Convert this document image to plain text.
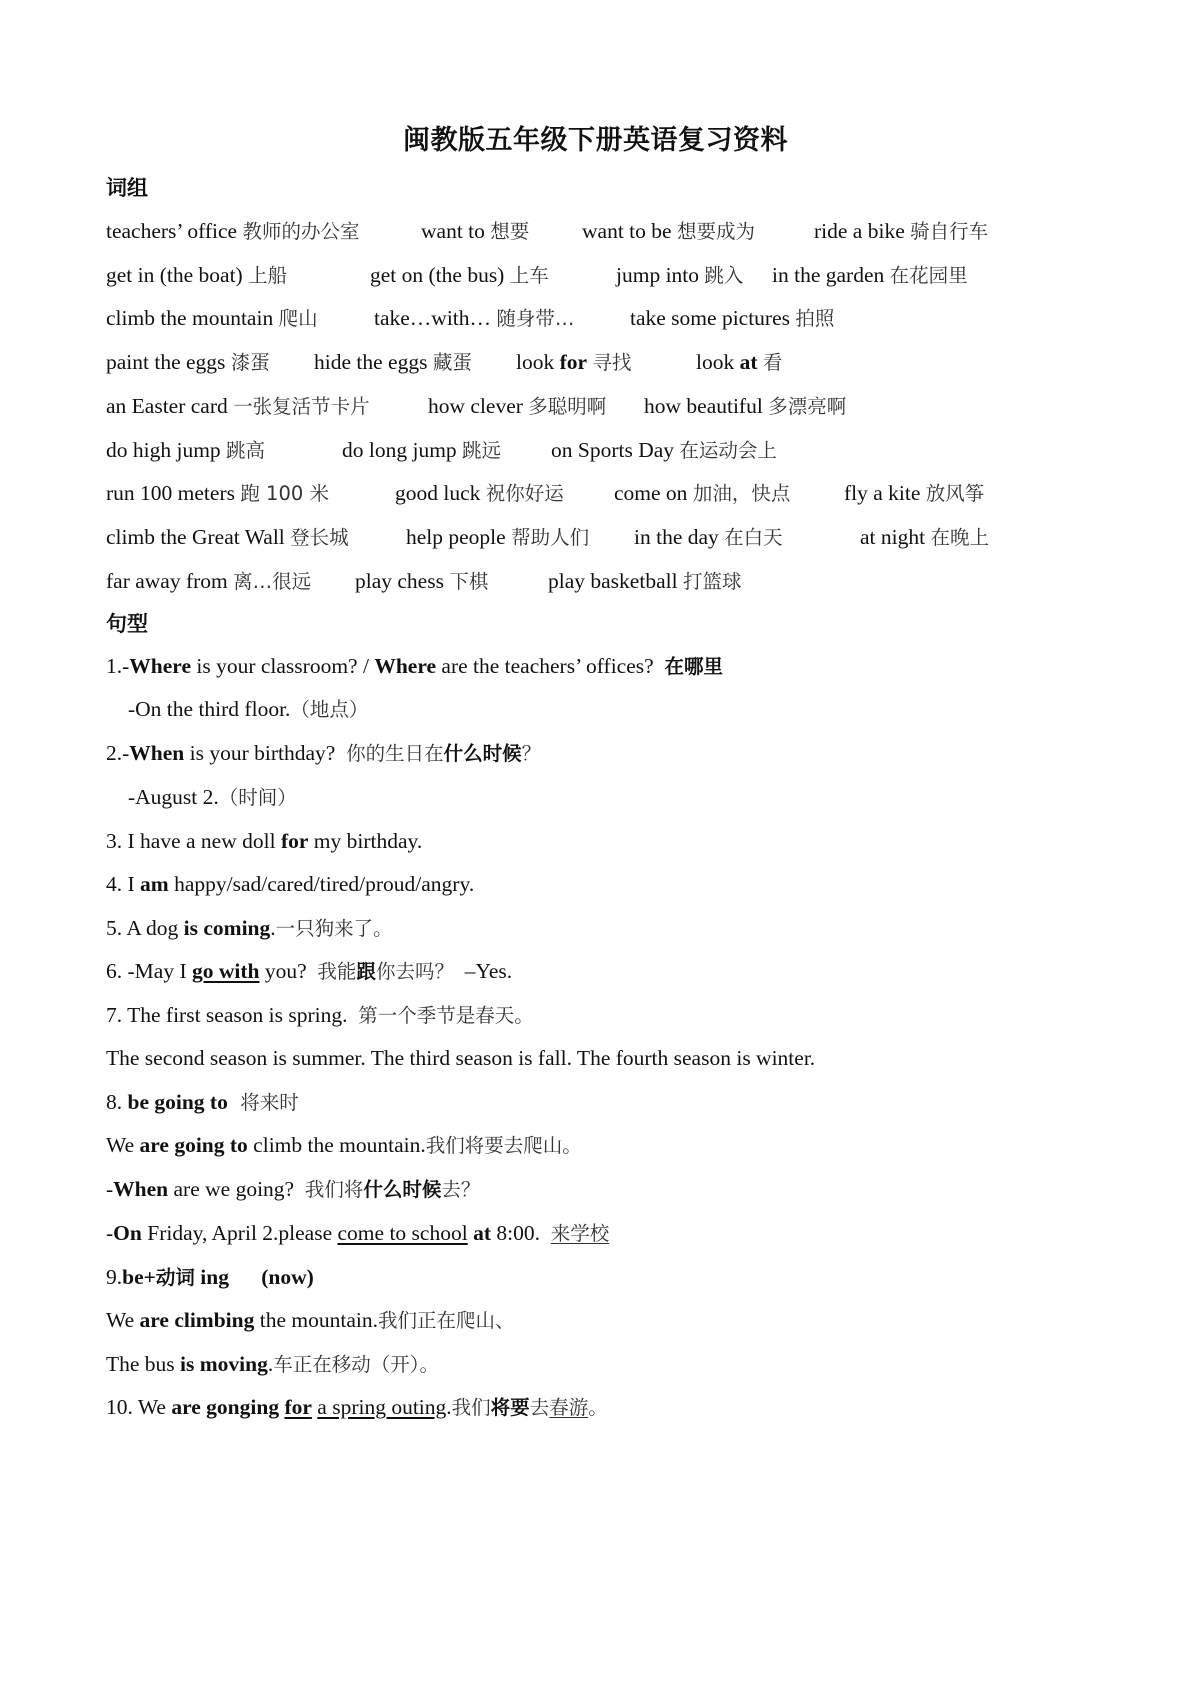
闽教版五年级下册英语复习资料
词组
teachers’ office 教师的办公室	want to 想要 want to be 想要成为	ride a bike 骑自行车
get in (the boat) 上船	get on (the bus) 上车	jump into 跳入 in the garden 在花园里
climb the mountain 爬山	take…with… 随身带…	take some pictures 拍照
paint the eggs 漆蛋 hide the eggs 藏蛋 look for 寻找	look at 看
an Easter card 一张复活节卡片	how clever 多聪明啊 how beautiful 多漂亮啊
do high jump 跳高	do long jump 跳远 on Sports Day 在运动会上
run 100 meters 跑 100 米	good luck 祝你好运 come on 加油，快点 fly a kite 放风筝
climb the Great Wall 登长城	help people 帮助人们 in the day 在白天	at night 在晚上
far away from 离…很远 play chess 下棋	play basketball 打篮球
句型
1.-Where is your classroom? / Where are the teachers’ offices?  在哪里
-On the third floor.（地点）
2.-When is your birthday?  你的生日在什么时候？
-August 2.（时间）
3. I have a new doll for my birthday.
4. I am happy/sad/cared/tired/proud/angry.
5. A dog is coming.一只狗来了。
6. -May I go with you?  我能跟你去吗？  –Yes.
7. The first season is spring.  第一个季节是春天。
The second season is summer. The third season is fall. The fourth season is winter.
8. be going to  将来时
We are going to climb the mountain.我们将要去爬山。
-When are we going?  我们将什么时候去？
-On Friday, April 2.please come to school at 8:00.  来学校
9.be+动词 ing      (now)
We are climbing the mountain.我们正在爬山、
The bus is moving.车正在移动（开）。
10. We are gonging for a spring outing.我们将要去春游。
